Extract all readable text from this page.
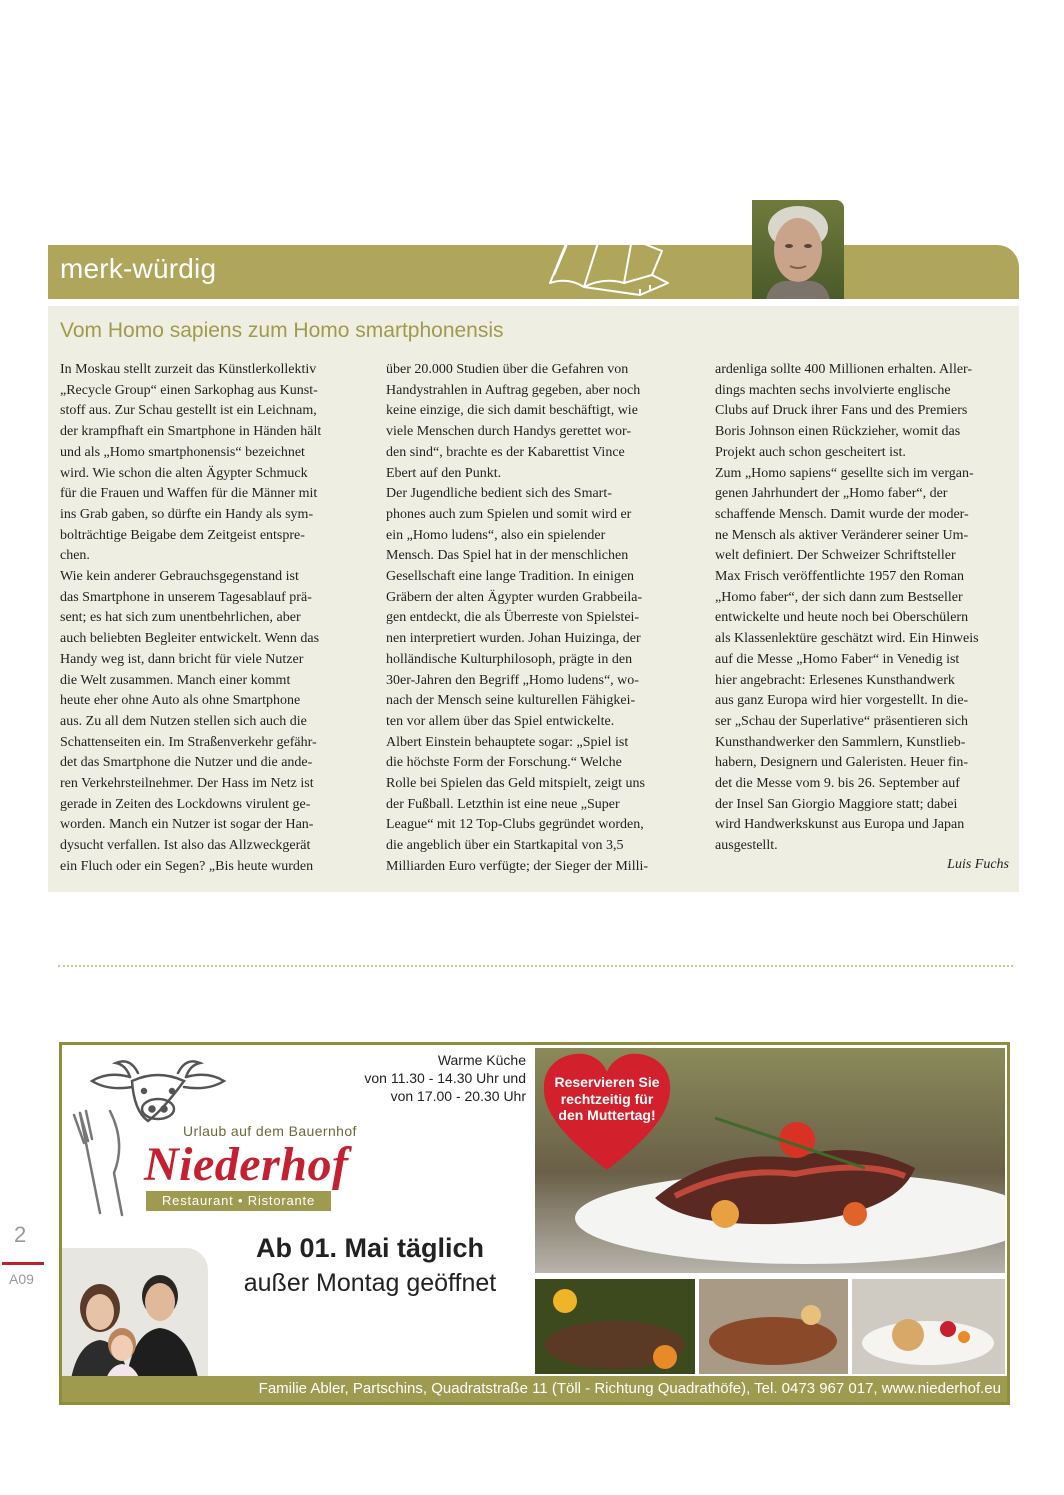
merk-würdig
Vom Homo sapiens zum Homo smartphonensis
In Moskau stellt zurzeit das Künstlerkollektiv
„Recycle Group“ einen Sarkophag aus Kunst-
stoff aus. Zur Schau gestellt ist ein Leichnam,
der krampfhaft ein Smartphone in Händen hält
und als „Homo smartphonensis“ bezeichnet
wird. Wie schon die alten Ägypter Schmuck
für die Frauen und Waffen für die Männer mit
ins Grab gaben, so dürfte ein Handy als sym-
bolträchtige Beigabe dem Zeitgeist entspre-
chen.
Wie kein anderer Gebrauchsgegenstand ist
das Smartphone in unserem Tagesablauf prä-
sent; es hat sich zum unentbehrlichen, aber
auch beliebten Begleiter entwickelt. Wenn das
Handy weg ist, dann bricht für viele Nutzer
die Welt zusammen. Manch einer kommt
heute eher ohne Auto als ohne Smartphone
aus. Zu all dem Nutzen stellen sich auch die
Schattenseiten ein. Im Straßenverkehr gefähr-
det das Smartphone die Nutzer und die ande-
ren Verkehrsteilnehmer. Der Hass im Netz ist
gerade in Zeiten des Lockdowns virulent ge-
worden. Manch ein Nutzer ist sogar der Han-
dysucht verfallen. Ist also das Allzweckgerät
ein Fluch oder ein Segen? „Bis heute wurden
über 20.000 Studien über die Gefahren von
Handystrahlen in Auftrag gegeben, aber noch
keine einzige, die sich damit beschäftigt, wie
viele Menschen durch Handys gerettet wor-
den sind“, brachte es der Kabarettist Vince
Ebert auf den Punkt.
Der Jugendliche bedient sich des Smart-
phones auch zum Spielen und somit wird er
ein „Homo ludens“, also ein spielender
Mensch. Das Spiel hat in der menschlichen
Gesellschaft eine lange Tradition. In einigen
Gräbern der alten Ägypter wurden Grabbeila-
gen entdeckt, die als Überreste von Spielstei-
nen interpretiert wurden. Johan Huizinga, der
holländische Kulturphilosoph, prägte in den
30er-Jahren den Begriff „Homo ludens“, wo-
nach der Mensch seine kulturellen Fähigkei-
ten vor allem über das Spiel entwickelte.
Albert Einstein behauptete sogar: „Spiel ist
die höchste Form der Forschung.“ Welche
Rolle bei Spielen das Geld mitspielt, zeigt uns
der Fußball. Letzthin ist eine neue „Super
League“ mit 12 Top-Clubs gegründet worden,
die angeblich über ein Startkapital von 3,5
Milliarden Euro verfügte; der Sieger der Milli-
ardenliga sollte 400 Millionen erhalten. Aller-
dings machten sechs involvierte englische
Clubs auf Druck ihrer Fans und des Premiers
Boris Johnson einen Rückzieher, womit das
Projekt auch schon gescheitert ist.
Zum „Homo sapiens“ gesellte sich im vergan-
genen Jahrhundert der „Homo faber“, der
schaffende Mensch. Damit wurde der moder-
ne Mensch als aktiver Veränderer seiner Um-
welt definiert. Der Schweizer Schriftsteller
Max Frisch veröffentlichte 1957 den Roman
„Homo faber“, der sich dann zum Bestseller
entwickelte und heute noch bei Oberschülern
als Klassenlektüre geschätzt wird. Ein Hinweis
auf die Messe „Homo Faber“ in Venedig ist
hier angebracht: Erlesenes Kunsthandwerk
aus ganz Europa wird hier vorgestellt. In die-
ser „Schau der Superlative“ präsentieren sich
Kunsthandwerker den Sammlern, Kunstlieb-
habern, Designern und Galeristen. Heuer fin-
det die Messe vom 9. bis 26. September auf
der Insel San Giorgio Maggiore statt; dabei
wird Handwerkskunst aus Europa und Japan
ausgestellt.
Luis Fuchs
2
A09
Warme Küche
von 11.30 - 14.30 Uhr und
von 17.00 - 20.30 Uhr
Urlaub auf dem Bauernhof
Niederhof
Restaurant • Ristorante
Ab 01. Mai täglich
außer Montag geöffnet
Reservieren Sie
rechtzeitig für
den Muttertag!
Familie Abler, Partschins, Quadratstraße 11 (Töll - Richtung Quadrathöfe), Tel. 0473 967 017, www.niederhof.eu
